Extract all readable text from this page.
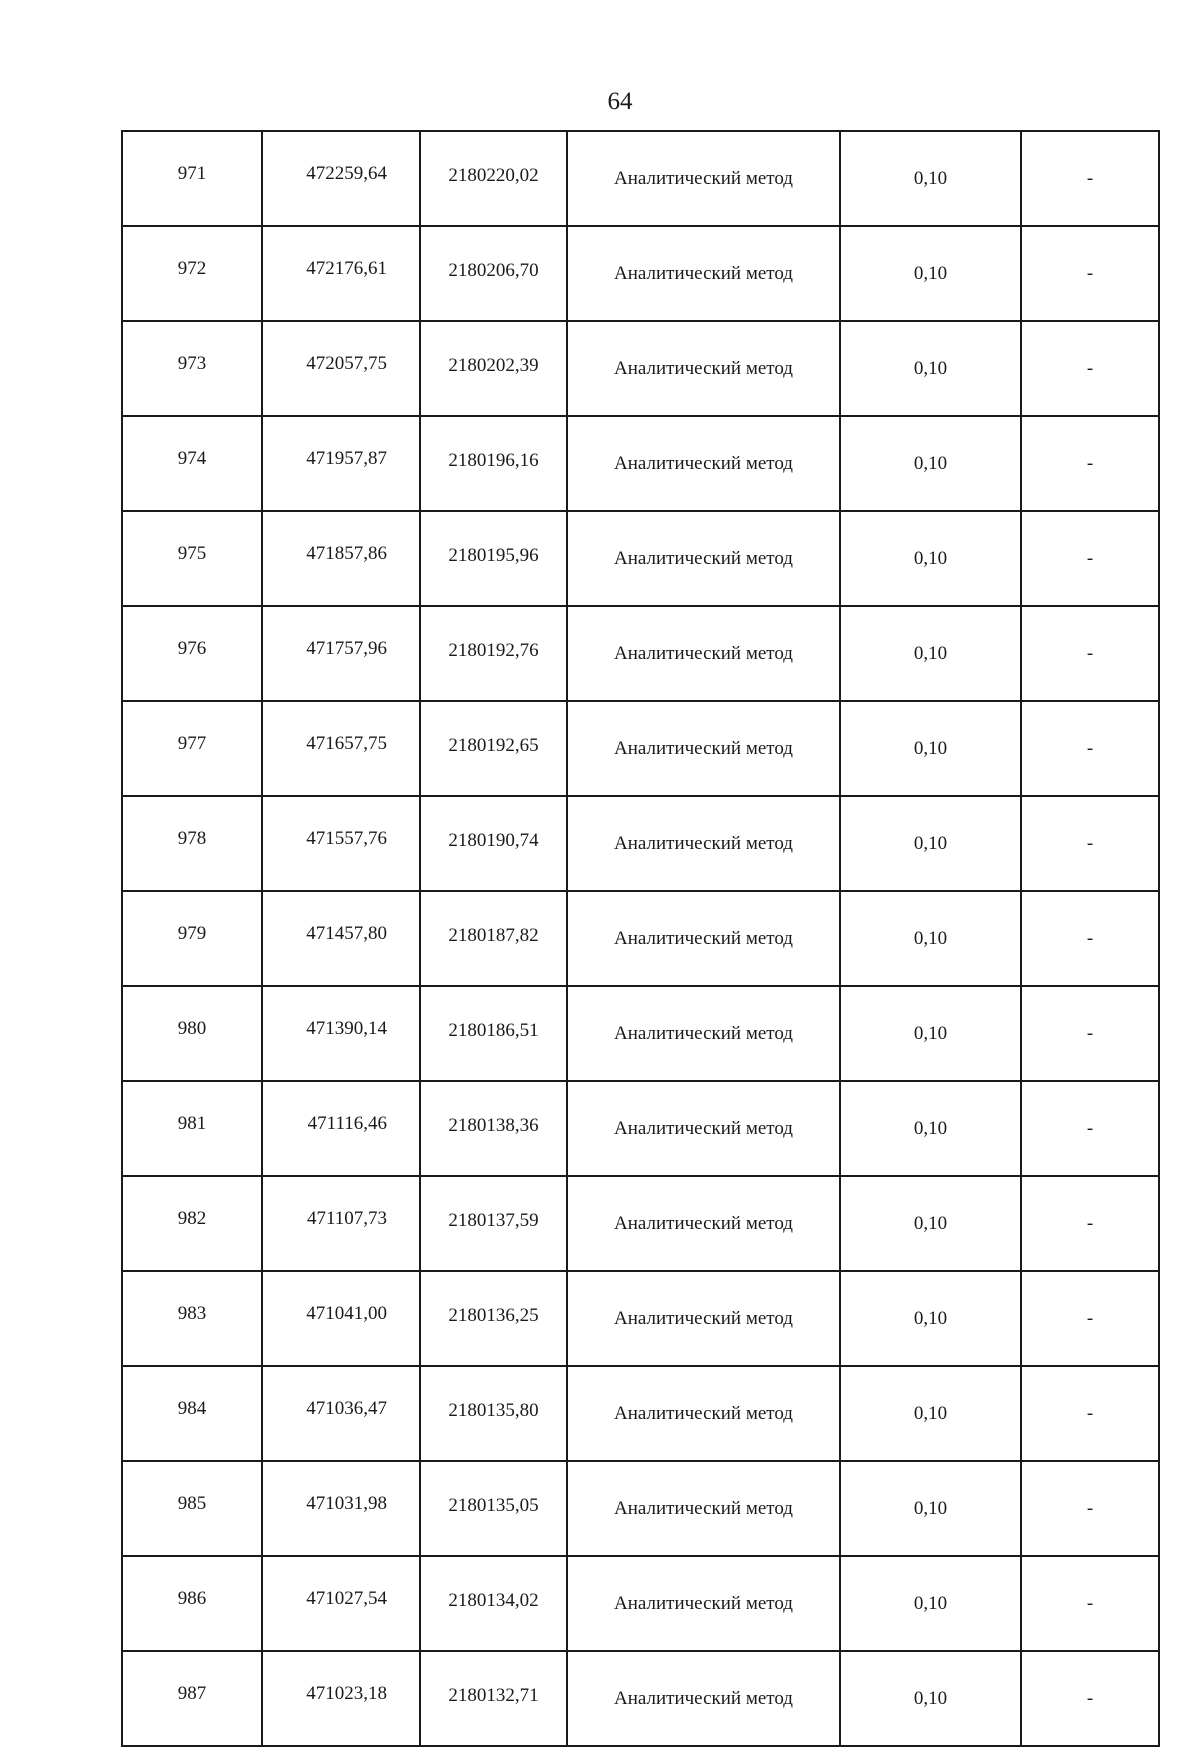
64
971	472259,64	2180220,02	Аналитический метод	0,10	-
972	472176,61	2180206,70	Аналитический метод	0,10	-
973	472057,75	2180202,39	Аналитический метод	0,10	-
974	471957,87	2180196,16	Аналитический метод	0,10	-
975	471857,86	2180195,96	Аналитический метод	0,10	-
976	471757,96	2180192,76	Аналитический метод	0,10	-
977	471657,75	2180192,65	Аналитический метод	0,10	-
978	471557,76	2180190,74	Аналитический метод	0,10	-
979	471457,80	2180187,82	Аналитический метод	0,10	-
980	471390,14	2180186,51	Аналитический метод	0,10	-
981	471116,46	2180138,36	Аналитический метод	0,10	-
982	471107,73	2180137,59	Аналитический метод	0,10	-
983	471041,00	2180136,25	Аналитический метод	0,10	-
984	471036,47	2180135,80	Аналитический метод	0,10	-
985	471031,98	2180135,05	Аналитический метод	0,10	-
986	471027,54	2180134,02	Аналитический метод	0,10	-
987	471023,18	2180132,71	Аналитический метод	0,10	-
